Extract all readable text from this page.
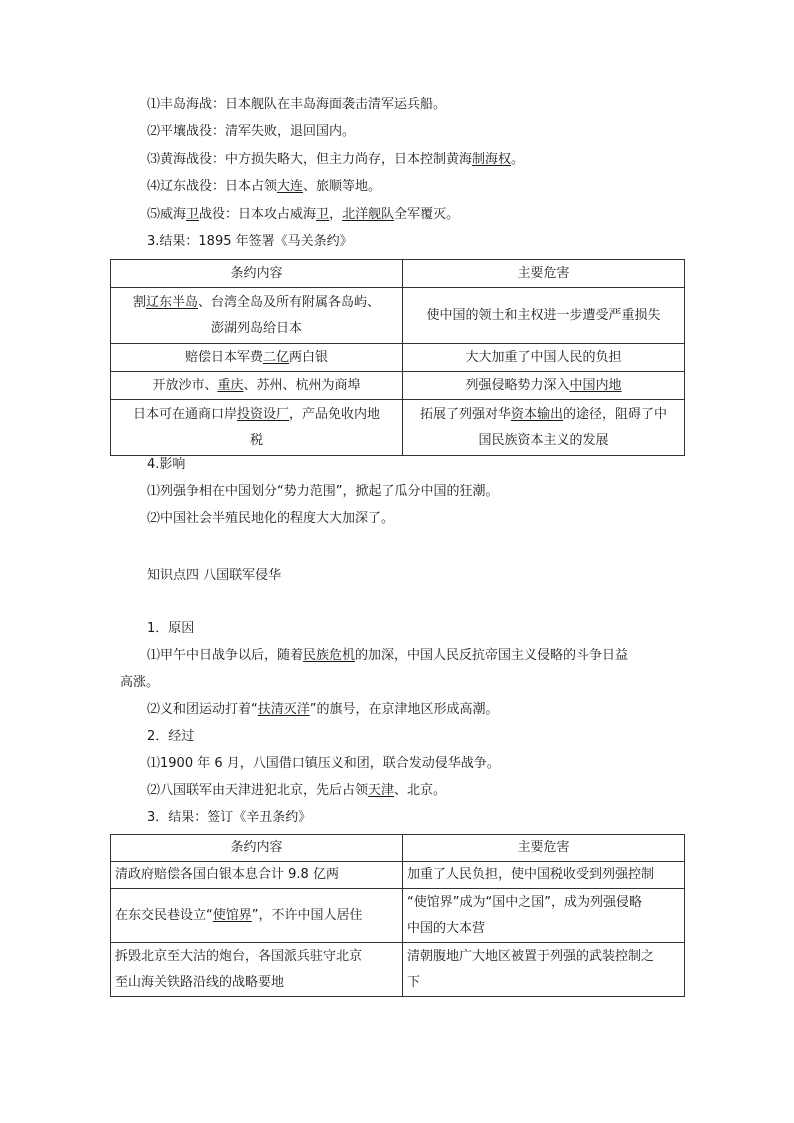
⑴丰岛海战：日本舰队在丰岛海面袭击清军运兵船。
⑵平壤战役：清军失败，退回国内。
⑶黄海战役：中方损失略大，但主力尚存，日本控制黄海制海权。
⑷辽东战役：日本占领大连、旅顺等地。
⑸威海卫战役：日本攻占威海卫，北洋舰队全军覆灭。
3.结果：1895 年签署《马关条约》
条约内容	主要危害
割辽东半岛、台湾全岛及所有附属各岛屿、
澎湖列岛给日本	使中国的领土和主权进一步遭受严重损失
赔偿日本军费二亿两白银	大大加重了中国人民的负担
开放沙市、重庆、苏州、杭州为商埠	列强侵略势力深入中国内地
日本可在通商口岸投资设厂，产品免收内地
税	拓展了列强对华资本输出的途径，阻碍了中
国民族资本主义的发展
4.影响
⑴列强争相在中国划分“势力范围”，掀起了瓜分中国的狂潮。
⑵中国社会半殖民地化的程度大大加深了。
知识点四 八国联军侵华
1．原因
⑴甲午中日战争以后，随着民族危机的加深，中国人民反抗帝国主义侵略的斗争日益
高涨。
⑵义和团运动打着“扶清灭洋”的旗号，在京津地区形成高潮。
2．经过
⑴1900 年 6 月，八国借口镇压义和团，联合发动侵华战争。
⑵八国联军由天津进犯北京，先后占领天津、北京。
3．结果：签订《辛丑条约》
条约内容	主要危害
清政府赔偿各国白银本息合计 9.8 亿两	加重了人民负担，使中国税收受到列强控制
在东交民巷设立“使馆界”，不许中国人居住	“使馆界”成为“国中之国”，成为列强侵略
中国的大本营
拆毁北京至大沽的炮台，各国派兵驻守北京
至山海关铁路沿线的战略要地	清朝腹地广大地区被置于列强的武装控制之
下
